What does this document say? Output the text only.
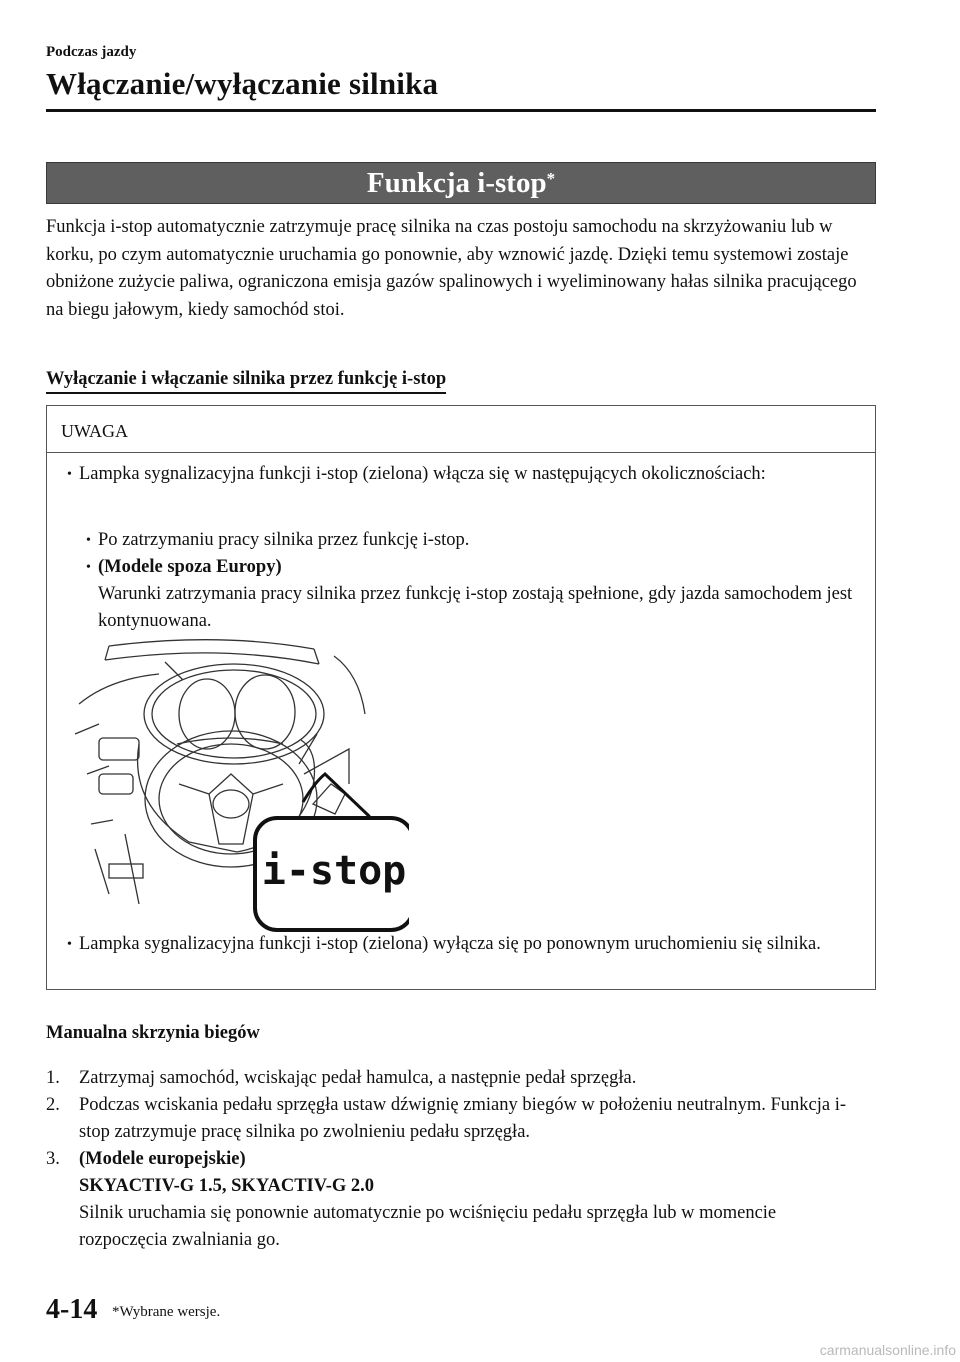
Podczas jazdy
Włączanie/wyłączanie silnika
Funkcja i-stop*

Funkcja i-stop automatycznie zatrzymuje pracę silnika na czas postoju samochodu na skrzyżowaniu lub w korku, po czym automatycznie uruchamia go ponownie, aby wznowić jazdę. Dzięki temu systemowi zostaje obniżone zużycie paliwa, ograniczona emisja gazów spalinowych i wyeliminowany hałas silnika pracującego na biegu jałowym, kiedy samochód stoi.

Wyłączanie i włączanie silnika przez funkcję i-stop
UWAGA
• Lampka sygnalizacyjna funkcji i-stop (zielona) włącza się w następujących okolicznościach:
• Po zatrzymaniu pracy silnika przez funkcję i-stop.
• (Modele spoza Europy)
Warunki zatrzymania pracy silnika przez funkcję i-stop zostają spełnione, gdy jazda samochodem jest kontynuowana.
i-stop
• Lampka sygnalizacyjna funkcji i-stop (zielona) wyłącza się po ponownym uruchomieniu się silnika.
Manualna skrzynia biegów
1. Zatrzymaj samochód, wciskając pedał hamulca, a następnie pedał sprzęgła.
2. Podczas wciskania pedału sprzęgła ustaw dźwignię zmiany biegów w położeniu neutralnym. Funkcja i-stop zatrzymuje pracę silnika po zwolnieniu pedału sprzęgła.
3. (Modele europejskie)
SKYACTIV-G 1.5, SKYACTIV-G 2.0
Silnik uruchamia się ponownie automatycznie po wciśnięciu pedału sprzęgła lub w momencie rozpoczęcia zwalniania go.
4-14 *Wybrane wersje.
carmanualsonline.info
